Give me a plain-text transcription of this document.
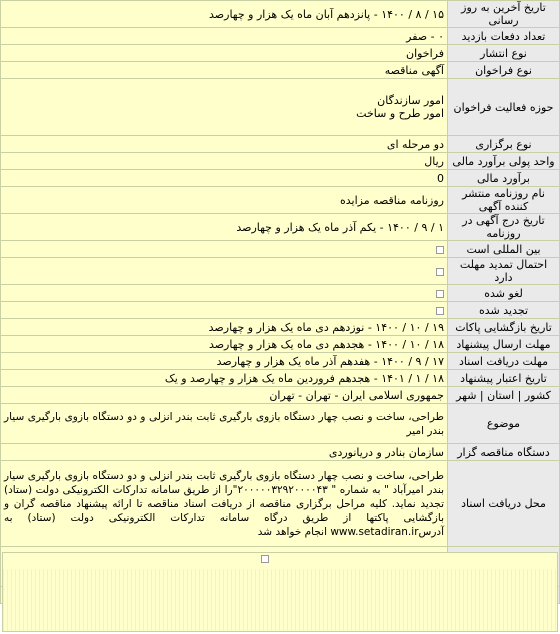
تاریخ آخرین به روز رسانی	۱۵ / ۸ / ۱۴۰۰ - پانزدهم آبان ماه یک هزار و چهارصد
تعداد دفعات بازدید	۰ - صفر
نوع انتشار	فراخوان
نوع فراخوان	آگهی مناقصه
حوزه فعالیت فراخوان	امور سازندگان
امور طرح و ساخت

نوع برگزاری	دو مرحله ای
واحد پولی برآورد مالی	ریال
برآورد مالی	0
نام روزنامه منتشر کننده آگهی	روزنامه مناقصه مزایده
تاریخ درج آگهی در روزنامه	۱ / ۹ / ۱۴۰۰ - یکم آذر ماه یک هزار و چهارصد
بین المللی است	
احتمال تمدید مهلت دارد	
لغو شده	
تجدید شده	
تاریخ بازگشایی پاکات	۱۹ / ۱۰ / ۱۴۰۰ - نوزدهم دی ماه یک هزار و چهارصد
مهلت ارسال پیشنهاد	۱۸ / ۱۰ / ۱۴۰۰ - هجدهم دی ماه یک هزار و چهارصد
مهلت دریافت اسناد	۱۷ / ۹ / ۱۴۰۰ - هفدهم آذر ماه یک هزار و چهارصد
تاریخ اعتبار پیشنهاد	۱۸ / ۱ / ۱۴۰۱ - هجدهم فروردین ماه یک هزار و چهارصد و یک
کشور | استان | شهر	جمهوری اسلامی ایران - تهران - تهران
موضوع	طراحی، ساخت و نصب چهار دستگاه بازوی بارگیری ثابت بندر انزلی و دو دستگاه بازوی بارگیری سیار بندر امیر
دستگاه مناقصه گزار	سازمان بنادر و دریانوردی
محل دریافت اسناد	طراحی، ساخت و نصب چهار دستگاه بازوی بارگیری ثابت بندر انزلی و دو دستگاه بازوی بارگیری سیار بندر امیرآباد " به شماره " ۲۰۰۰۰۰۳۲۹۲۰۰۰۰۴۳"را از طریق سامانه تدارکات الکترونیکی دولت (ستاد) تجدید نماید. کلیه مراحل برگزاری مناقصه از دریافت اسناد مناقصه تا ارائه پیشنهاد مناقصه گران و بازگشایی پاکتها از طریق درگاه سامانه تدارکات الکترونیکی دولت (ستاد) به آدرسwww.setadiran.ir انجام خواهد شد
